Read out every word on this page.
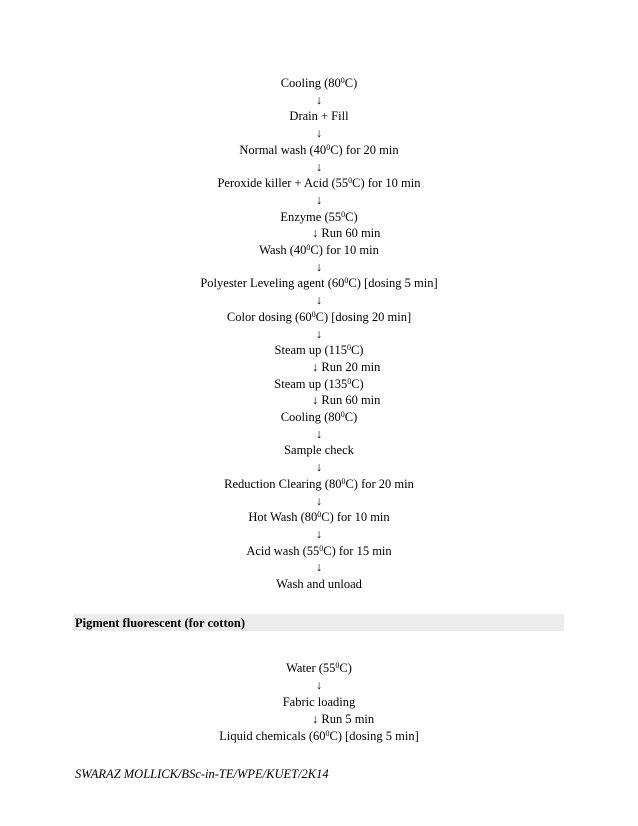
Cooling $(80^0C)$
↓
Drain + Fill
↓
Normal wash $(40^0C)$ for 20 min
↓
Peroxide killer + Acid $(55^0C)$ for 10 min
↓
Enzyme $(55^0C)$
↓ Run 60 min
Wash $(40^0C)$ for 10 min
↓
Polyester Leveling agent $(60^0C)$ [dosing 5 min]
↓
Color dosing $(60^0C)$ [dosing 20 min]
↓
Steam up $(115^0C)$
↓ Run 20 min
Steam up $(135^0C)$
↓ Run 60 min
Cooling $(80^0C)$
↓
Sample check
↓
Reduction Clearing $(80^0C)$ for 20 min
↓
Hot Wash $(80^0C)$ for 10 min
↓
Acid wash $(55^0C)$ for 15 min
↓
Wash and unload
Pigment fluorescent (for cotton)
Water $(55^0C)$
↓
Fabric loading
↓ Run 5 min
Liquid chemicals $(60^0C)$ [dosing 5 min]
SWARAZ MOLLICK/BSc-in-TE/WPE/KUET/2K14
